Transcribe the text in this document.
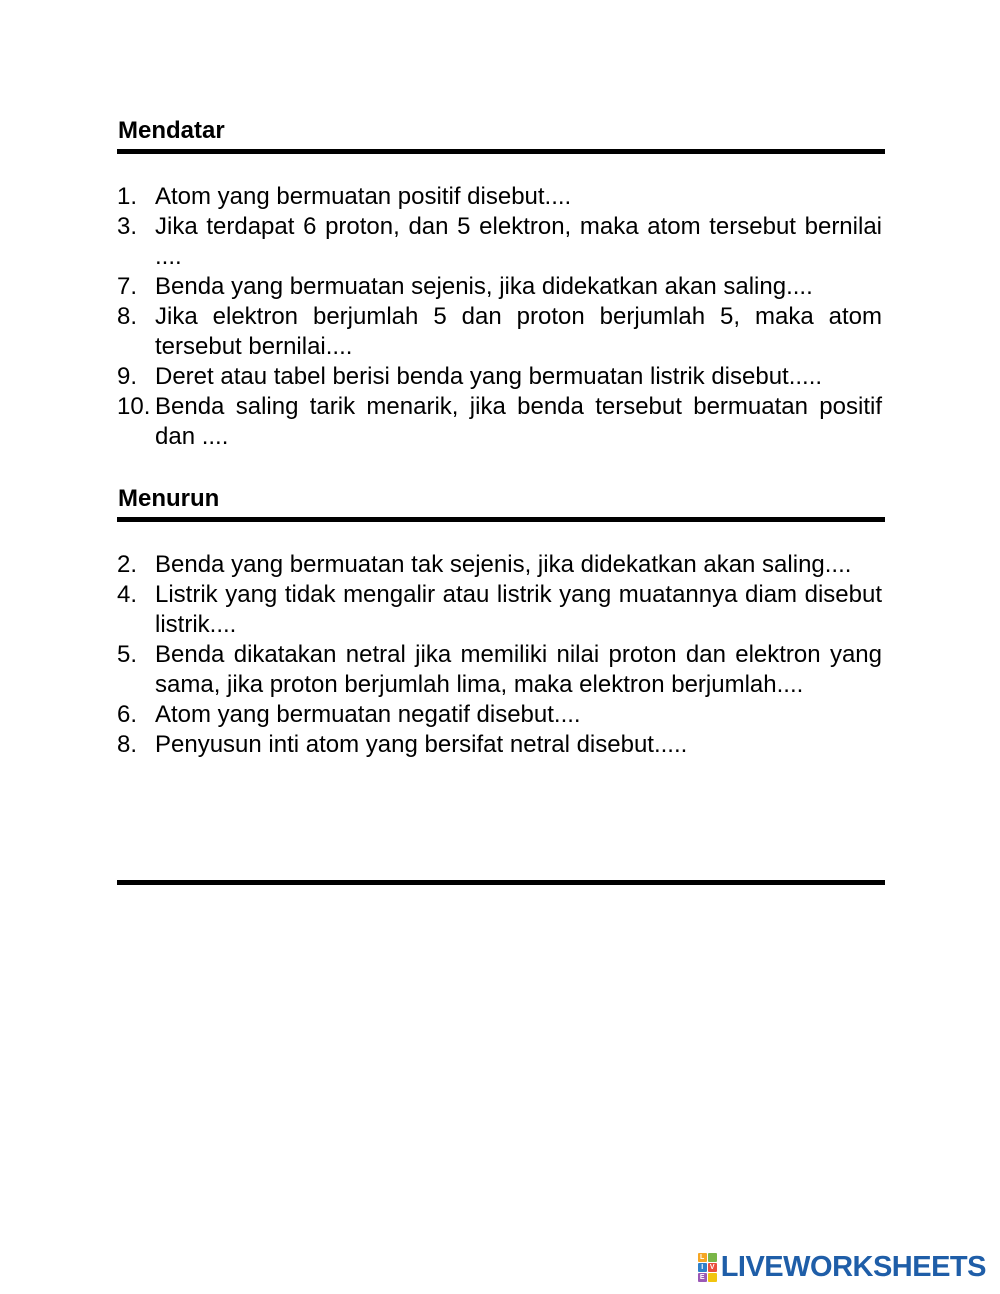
Mendatar
1. Atom yang bermuatan positif disebut....
3. Jika terdapat 6 proton, dan 5 elektron, maka atom tersebut bernilai ....
7. Benda yang bermuatan sejenis, jika didekatkan akan saling....
8. Jika elektron berjumlah 5 dan proton berjumlah 5, maka atom tersebut bernilai....
9. Deret atau tabel berisi benda yang bermuatan listrik disebut.....
10. Benda saling tarik menarik, jika benda tersebut bermuatan positif dan ....
Menurun
2. Benda yang bermuatan tak sejenis, jika didekatkan akan saling....
4. Listrik yang tidak mengalir atau listrik yang muatannya diam disebut listrik....
5. Benda dikatakan netral jika memiliki nilai proton dan elektron yang sama, jika proton berjumlah lima, maka elektron berjumlah....
6. Atom yang bermuatan negatif disebut....
8. Penyusun inti atom yang bersifat netral disebut.....
L
I V
E LIVEWORKSHEETS
